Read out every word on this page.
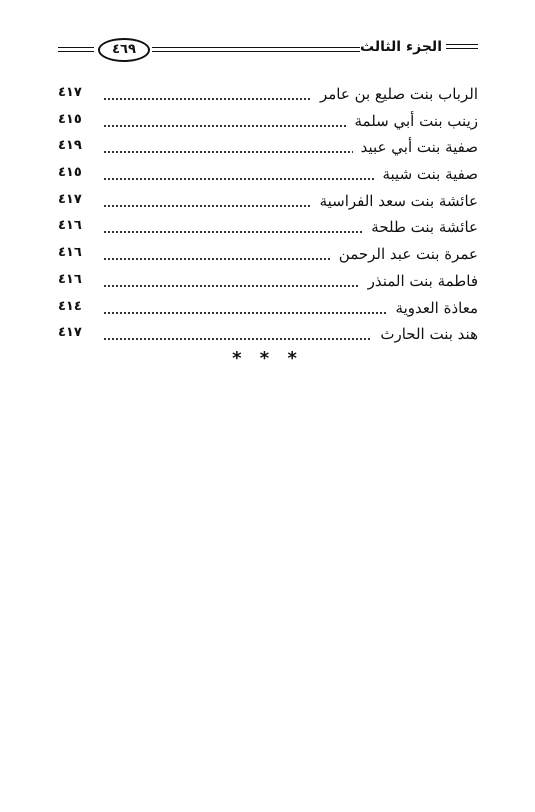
الجزء الثالث
٤٦٩
الرباب بنت صليع بن عامر
٤١٧
زينب بنت أبي سلمة
٤١٥
صفية بنت أبي عبيد
٤١٩
صفية بنت شيبة
٤١٥
عائشة بنت سعد الفراسية
٤١٧
عائشة بنت طلحة
٤١٦
عمرة بنت عبد الرحمن
٤١٦
فاطمة بنت المنذر
٤١٦
معاذة العدوية
٤١٤
هند بنت الحارث
٤١٧
* * *
